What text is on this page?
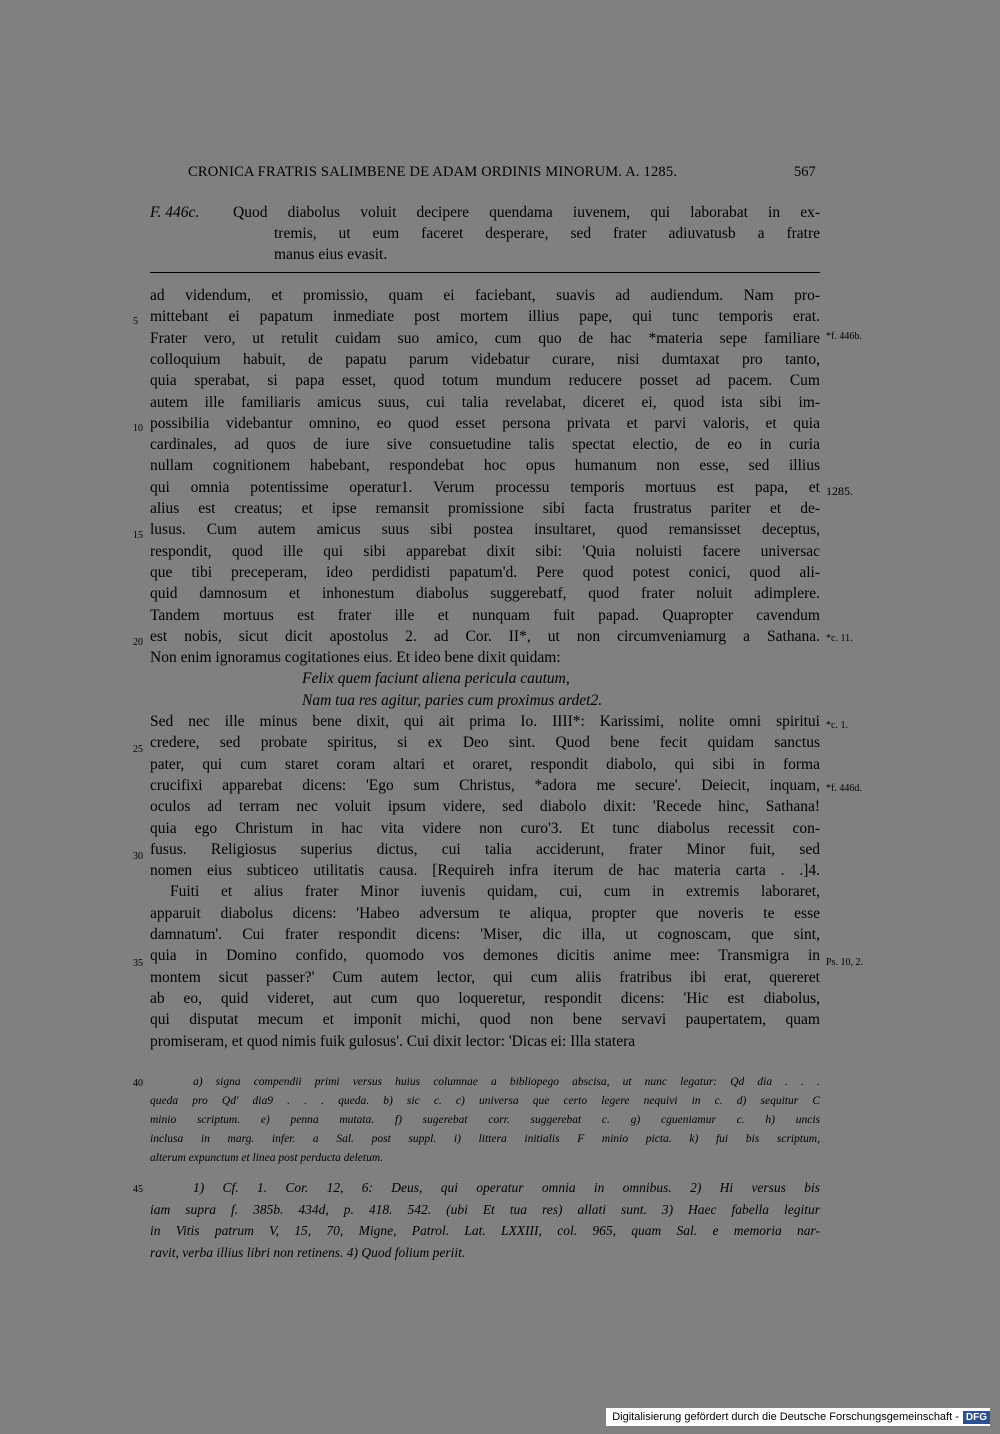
CRONICA FRATRIS SALIMBENE DE ADAM ORDINIS MINORUM. A. 1285.	567
F. 446c. Quod diabolus voluit decipere quendama iuvenem, qui laborabat in ex-
tremis, ut eum faceret desperare, sed frater adiuvatusb a fratre
manus eius evasit.
ad videndum, et promissio, quam ei faciebant, suavis ad audiendum. Nam pro-
mittebant ei papatum inmediate post mortem illius pape, qui tunc temporis erat.
Frater vero, ut retulit cuidam suo amico, cum quo de hac *materia sepe familiare
colloquium habuit, de papatu parum videbatur curare, nisi dumtaxat pro tanto,
quia sperabat, si papa esset, quod totum mundum reducere posset ad pacem. Cum
autem ille familiaris amicus suus, cui talia revelabat, diceret ei, quod ista sibi im-
possibilia videbantur omnino, eo quod esset persona privata et parvi valoris, et quia
cardinales, ad quos de iure sive consuetudine talis spectat electio, de eo in curia
nullam cognitionem habebant, respondebat hoc opus humanum non esse, sed illius
qui omnia potentissime operatur1. Verum processu temporis mortuus est papa, et
alius est creatus; et ipse remansit promissione sibi facta frustratus pariter et de-
lusus. Cum autem amicus suus sibi postea insultaret, quod remansisset deceptus,
respondit, quod ille qui sibi apparebat dixit sibi: 'Quia noluisti facere universac
que tibi preceperam, ideo perdidisti papatum'd. Pere quod potest conici, quod ali-
quid damnosum et inhonestum diabolus suggerebatf, quod frater noluit adimplere.
Tandem mortuus est frater ille et nunquam fuit papad. Quapropter cavendum
est nobis, sicut dicit apostolus 2. ad Cor. II*, ut non circumveniamurg a Sathana.
Non enim ignoramus cogitationes eius. Et ideo bene dixit quidam:
Felix quem faciunt aliena pericula cautum,
Nam tua res agitur, paries cum proximus ardet2.
Sed nec ille minus bene dixit, qui ait prima Io. IIII*: Karissimi, nolite omni spiritui
credere, sed probate spiritus, si ex Deo sint. Quod bene fecit quidam sanctus
pater, qui cum staret coram altari et oraret, respondit diabolo, qui sibi in forma
crucifixi apparebat dicens: 'Ego sum Christus, *adora me secure'. Deiecit, inquam,
oculos ad terram nec voluit ipsum videre, sed diabolo dixit: 'Recede hinc, Sathana!
quia ego Christum in hac vita videre non curo'3. Et tunc diabolus recessit con-
fusus. Religiosus superius dictus, cui talia acciderunt, frater Minor fuit, sed
nomen eius subticeo utilitatis causa. [Requireh infra iterum de hac materia carta . .]4.
Fuiti et alius frater Minor iuvenis quidam, cui, cum in extremis laboraret,
apparuit diabolus dicens: 'Habeo adversum te aliqua, propter que noveris te esse
damnatum'. Cui frater respondit dicens: 'Miser, dic illa, ut cognoscam, que sint,
quia in Domino confido, quomodo vos demones dicitis anime mee: Transmigra in
montem sicut passer?' Cum autem lector, qui cum aliis fratribus ibi erat, quereret
ab eo, quid videret, aut cum quo loqueretur, respondit dicens: 'Hic est diabolus,
qui disputat mecum et imponit michi, quod non bene servavi paupertatem, quam
promiseram, et quod nimis fuik gulosus'. Cui dixit lector: 'Dicas ei: Illa statera
5
10
15
20
25
30
35
40
45
*f. 446b.
1285.
*c. 11.
*c. 1.
*f. 446d.
Ps. 10, 2.
a) signa compendii primi versus huius columnae a bibliopego abscisa, ut nunc legatur: Qd dia . . .
queda pro Qd' dia9 . . . queda. b) sic c. c) universa que certo legere nequivi in c. d) sequitur C
minio scriptum. e) penna mutata. f) sugerebat corr. suggerebat c. g) cgueniamur c. h) uncis
inclusa in marg. infer. a Sal. post suppl. i) littera initialis F minio picta. k) fui bis scriptum,
alterum expunctum et linea post perducta deletum.
1) Cf. 1. Cor. 12, 6: Deus, qui operatur omnia in omnibus. 2) Hi versus bis
iam supra f. 385b. 434d, p. 418. 542. (ubi Et tua res) allati sunt. 3) Haec fabella legitur
in Vitis patrum V, 15, 70, Migne, Patrol. Lat. LXXIII, col. 965, quam Sal. e memoria nar-
ravit, verba illius libri non retinens. 4) Quod folium periit.
Digitalisierung gefördert durch die Deutsche Forschungsgemeinschaft - DFG
